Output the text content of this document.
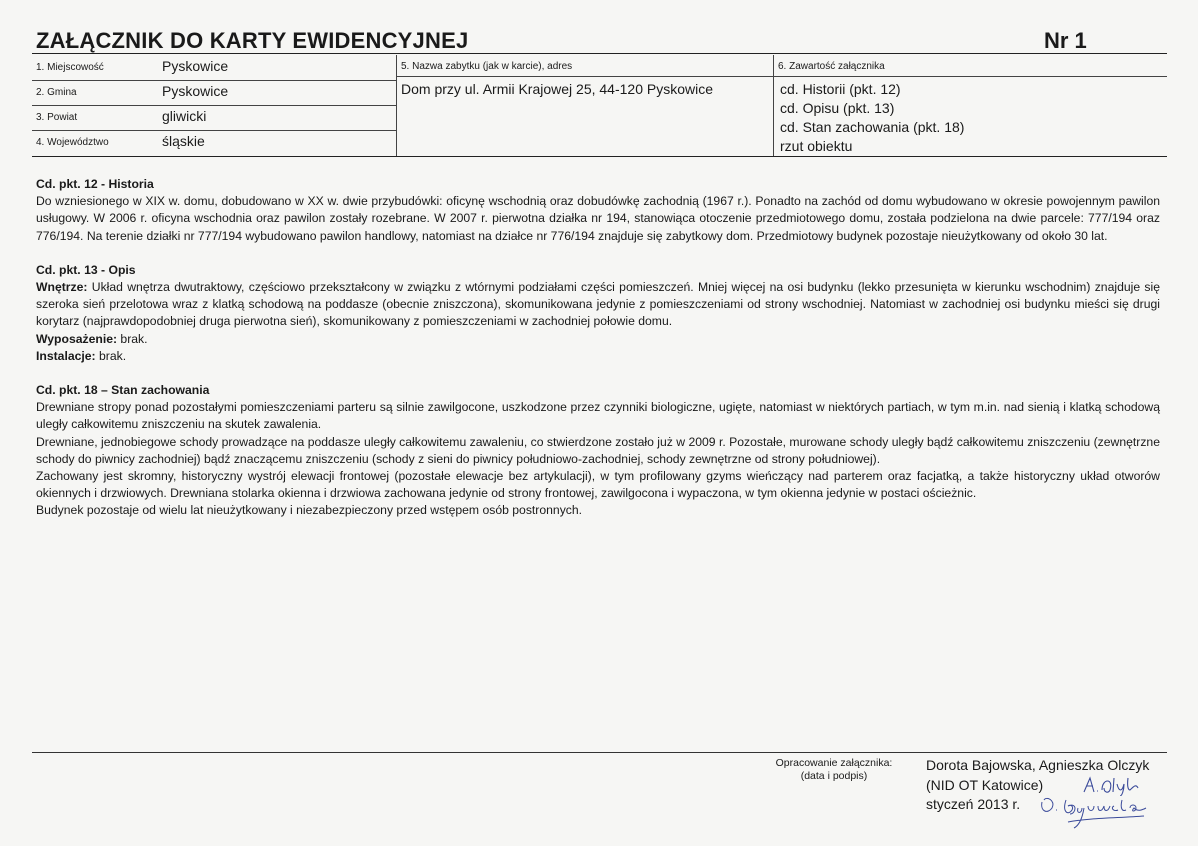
ZAŁĄCZNIK DO KARTY EWIDENCYJNEJ	Nr 1
1. Miejscowość	Pyskowice
2. Gmina	Pyskowice
3. Powiat	gliwicki
4. Województwo	śląskie
5. Nazwa zabytku (jak w karcie), adres
Dom przy ul. Armii Krajowej 25, 44-120 Pyskowice
6. Zawartość załącznika
cd. Historii (pkt. 12)
cd. Opisu (pkt. 13)
cd. Stan zachowania (pkt. 18)
rzut obiektu
Cd. pkt. 12 - Historia

Do wzniesionego w XIX w. domu, dobudowano w XX w. dwie przybudówki: oficynę wschodnią oraz dobudówkę zachodnią (1967 r.). Ponadto na zachód od domu wybudowano w okresie powojennym pawilon usługowy. W 2006 r. oficyna wschodnia oraz pawilon zostały rozebrane. W 2007 r. pierwotna działka nr 194, stanowiąca otoczenie przedmiotowego domu, została podzielona na dwie parcele: 777/194 oraz 776/194. Na terenie działki nr 777/194 wybudowano pawilon handlowy, natomiast na działce nr 776/194 znajduje się zabytkowy dom. Przedmiotowy budynek pozostaje nieużytkowany od około 30 lat.

Cd. pkt. 13 - Opis

Wnętrze: Układ wnętrza dwutraktowy, częściowo przekształcony w związku z wtórnymi podziałami części pomieszczeń. Mniej więcej na osi budynku (lekko przesunięta w kierunku wschodnim) znajduje się szeroka sień przelotowa wraz z klatką schodową na poddasze (obecnie zniszczona), skomunikowana jedynie z pomieszczeniami od strony wschodniej. Natomiast w zachodniej osi budynku mieści się drugi korytarz (najprawdopodobniej druga pierwotna sień), skomunikowany z pomieszczeniami w zachodniej połowie domu.

Wyposażenie: brak.

Instalacje: brak.

Cd. pkt. 18 – Stan zachowania

Drewniane stropy ponad pozostałymi pomieszczeniami parteru są silnie zawilgocone, uszkodzone przez czynniki biologiczne, ugięte, natomiast w niektórych partiach, w tym m.in. nad sienią i klatką schodową uległy całkowitemu zniszczeniu na skutek zawalenia.

Drewniane, jednobiegowe schody prowadzące na poddasze uległy całkowitemu zawaleniu, co stwierdzone zostało już w 2009 r. Pozostałe, murowane schody uległy bądź całkowitemu zniszczeniu (zewnętrzne schody do piwnicy zachodniej) bądź znaczącemu zniszczeniu (schody z sieni do piwnicy południowo-zachodniej, schody zewnętrzne od strony południowej).

Zachowany jest skromny, historyczny wystrój elewacji frontowej (pozostałe elewacje bez artykulacji), w tym profilowany gzyms wieńczący nad parterem oraz facjatką, a także historyczny układ otworów okiennych i drzwiowych. Drewniana stolarka okienna i drzwiowa zachowana jedynie od strony frontowej, zawilgocona i wypaczona, w tym okienna jedynie w postaci ościeżnic.

Budynek pozostaje od wielu lat nieużytkowany i niezabezpieczony przed wstępem osób postronnych.

Opracowanie załącznika:
(data i podpis)
Dorota Bajowska, Agnieszka Olczyk
(NID OT Katowice)
styczeń 2013 r.
